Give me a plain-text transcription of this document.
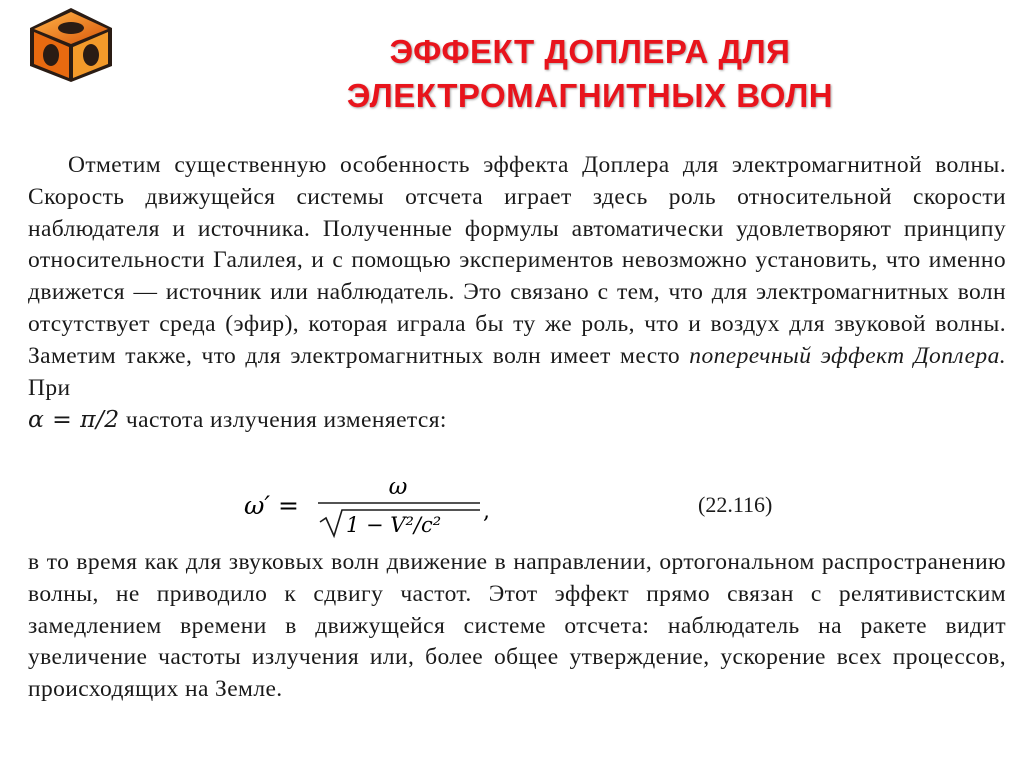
ЭФФЕКТ ДОПЛЕРА ДЛЯ
ЭЛЕКТРОМАГНИТНЫХ ВОЛН

Отметим существенную особенность эффекта Доплера для электромагнитной волны. Скорость движущейся системы отсчета играет здесь роль относительной скорости наблюдателя и источника. Полученные формулы автоматически удовлетворяют принципу относительности Галилея, и с помощью экспериментов невозможно установить, что именно движется — источник или наблюдатель. Это связано с тем, что для электромагнитных волн отсутствует среда (эфир), которая играла бы ту же роль, что и воздух для звуковой волны. Заметим также, что для электромагнитных волн имеет место поперечный эффект Доплера. При
α = π/2 частота излучения изменяется:

ω′ =
ω
1 − V²/c²
,	(22.116)

в то время как для звуковых волн движение в направлении, ортогональном распространению волны, не приводило к сдвигу частот. Этот эффект прямо связан с релятивистским замедлением времени в движущейся системе отсчета: наблюдатель на ракете видит увеличение частоты излучения или, более общее утверждение, ускорение всех процессов, происходящих на Земле.
